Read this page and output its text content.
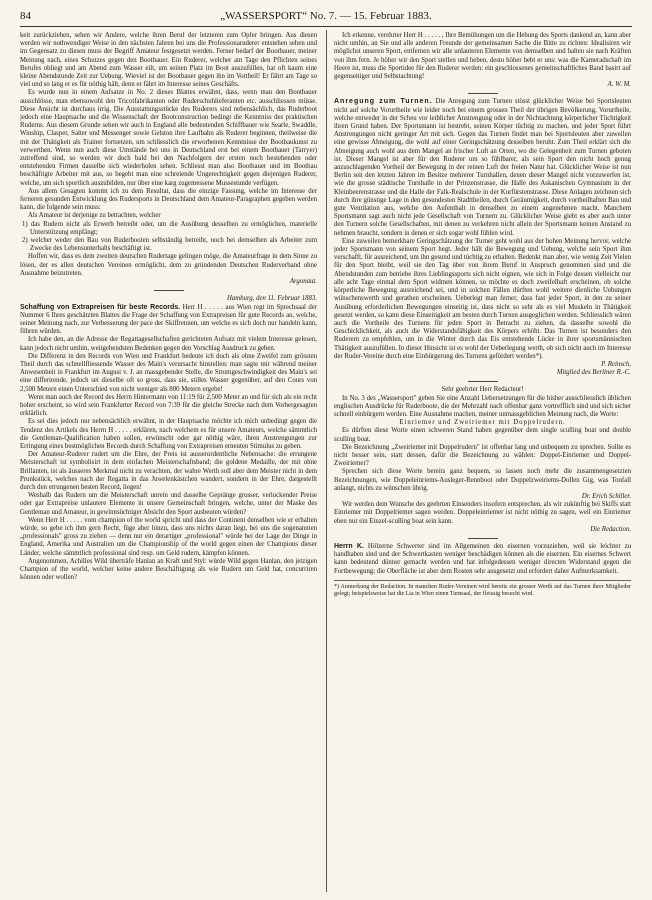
84	„WASSERSPORT“ No. 7. — 15. Februar 1883.

keit zurückziehen, sehen wir Andere, welche ihren Beruf der letzteren zum Opfer bringen. Aus diesen werden wir nothwendiger Weise in den nächsten Jahren bei uns die Professionaruderer entstehen sehen und im Gegensatz zu diesen muss der Begriff Amateur festgesetzt werden. Ferner bedarf der Bootbauer, meiner Meinung nach, eines Schutzes gegen den Bootbauer. Ein Ruderer, welcher am Tage den Pflichten seines Berufes obliegt und am Abend zum Wasser eilt, um seinen Platz im Boot auszufüllen, hat oft kaum eine kleine Abendstunde Zeit zur Uebung. Wieviel ist der Bootbauer gegen ihn im Vortheil! Er fährt am Tage so viel und so lang er es für nöthig hält, denn er fährt im Interesse seines Geschäfts.

Es wurde nun in einem Aufsatze in No. 2 dieses Blattes erwähnt, dass, wenn man den Bootbauer ausschlösse, man ebensowohl den Tricotfabrikanten oder Ruderschuhlieferanten etc. ausschliessen müsse. Diese Ansicht ist durchaus irrig. Die Ausstattungsstücke des Ruderers sind nebensächlich, das Ruderboot jedoch eine Hauptsache und die Wissenschaft der Bootconstruction bedingt die Kenntniss des praktischen Ruderns. Aus diesem Grunde sehen wir auch in England alle bedeutenden Schiffbauer wie Searle, Swaddle, Winship, Clasper, Salter und Messenger sowie Gelston ihre Laufbahn als Ruderer beginnen, theilweise die mit der Thätigkeit als Trainer fortsetzen, um schliesslich die erworbenen Kenntnisse der Bootbaukunst zu verwerthen. Wenn nun auch diese Umstände bei uns in Deutschland erst bei einem Bootbauer (Tarryer) zutreffend sind, so werden wir doch bald bei den Nachfolgern der ersten noch bestehenden oder entstehenden Firmen dasselbe sich wiederholen sehen. Schliesst man also Bootbauer und im Bootbau beschäftigte Arbeiter mit aus, so begeht man eine schreiende Ungerechtigkeit gegen diejenigen Ruderer, welche, um sich sportlich auszubilden, nur über eine karg zugemessene Mussestunde verfügen.

Aus allem Gesagten kommt ich zu dem Resultat, dass die einzige Fassung, welche im Interesse der ferneren gesunden Entwicklung des Rudersports in Deutschland dem Amateur-Paragraphen gegeben werden kann, die folgende sein muss:

Als Amateur ist derjenige zu betrachten, welcher

1) das Rudern nicht als Erwerb betreibt oder, um die Ausübung desselben zu ermöglichen, materielle Unterstützung empfängt;

2) welcher weder den Bau von Ruderbooten selbständig betreibt, noch bei demselben als Arbeiter zum Zwecke des Lebensunterhalts beschäftigt ist.

Hoffen wir, dass es dem zweiten deutschen Rudertage gelingen möge, die Amateurfrage in dem Sinne zu lösen, der es allen deutschen Vereinen ermöglicht, dem zu gründenden Deutschen Ruderverband ohne Ausnahme beizutreten.

Argonaut.

Hamburg, den 11. Februar 1883.

Schaffung von Extrapreisen für beste Records. Herr H . . . . . aus Wien regt im Sprechsaal der Nummer 6 Ihres geschätzten Blattes die Frage der Schaffung von Extrapreisen für gute Records an, welche, seiner Meinung nach, zur Verbesserung der pace der Skiffrennen, um welche es sich doch nur handeln kann, führen würden.

Ich habe den, an die Adresse der Regattagesellschaften gerichteten Aufsatz mit vielem Interesse gelesen, kann jedoch nicht umhin, weitgehendsten Bedenken gegen den Vorschlag Ausdruck zu geben.

Die Differenz in den Records von Wien und Frankfurt bedeute ich doch als ohne Zweifel zum grössten Theil durch das schnellfliessende Wasser des Main's verursacht hinstellen: man sagte mir während meiner Anwesenheit in Frankfurt im August v. J. an massgebender Stelle, die Stromgeschwindigkeit des Main's sei eine differirende, jedoch sei dieselbe oft so gross, dass sie, stilles Wasser gegenüber, auf den Cours von 2,500 Metern einen Unterschied von nicht weniger als 800 Metern ergebe!

Wenn man auch der Record des Herrn Hintermann von 11:19 für 2,500 Meter an und für sich als ein recht hoher erscheint, so wird sein Frankfurter Record von 7:39 für die gleiche Strecke nach dem Vorhergesagten erklärlich.

Es sei dies jedoch nur nebensächlich erwähnt, in der Hauptsache möchte ich mich unbedingt gegen die Tendenz des Artikels des Herrn H . . . . . erklären, nach welchem es für unsere Amateurs, welche sämmtlich die Gentleman-Qualification haben sollen, erwünscht oder gar nöthig wäre, ihren Anstrengungen zur Erringung eines bestmöglichen Records durch Schaffung von Extrapreisen erneuten Stimulus zu geben.

Der Amateur-Ruderer rudert um die Ehre, der Preis ist ausserordentliche Nebensache: die errungene Meisterschaft ist symbolisirt in dem einfachen Meisterschaftsband; die goldene Medaille, der mit ohne Brillanten, ist als äusseres Merkmal nicht zu verachten, der wahre Werth soll aber dem Meister nicht in dem Prunkstück, welches nach der Regatta in das Juwelenkästchen wandert, sondern in der Ehre, dargestellt durch den errungenen besten Record, liegen!

Weshalb das Rudern um die Meisterschaft unrein und dasselbe Gepränge grosser, verlockender Preise oder gar Extrapreise unlautere Elemente in unsere Gemeinschaft bringen, welche, unter der Maske des Gentleman und Amateur, in gewinnsüchtiger Absicht den Sport ausbeuten würden?

Wenn Herr H . . . . . vom champion of the world spricht und dass der Continent denselben wie er erhalten würde, so gebe ich ihm gern Recht, füge aber hinzu, dass uns nichts daran liegt, bei uns die sogenannten „professionals" gross zu ziehen — denn nur ein derartiger „professional" würde bei der Lage der Dinge in England, Amerika und Australien um die Championship of the world gegen einen der Champions dieser Länder, welche sämmtlich professional sind resp. um Geld rudern, kämpfen können.

Angenommen, Achilles Wild überträfe Hanlan an Kraft und Styl: würde Wild gegen Hanlan, den jetzigen Champion of the world, welcher keine andere Beschäftigung als wie Rudern um Geld hat, concurriren können oder wollen?

Ich erkenne, verehrter Herr H . . . . . , Ihre Bemühungen um die Hebung des Sports dankend an, kann aber nicht umhin, an Sie und alle anderen Freunde der gemeinsamen Sache die Bitte zu richten: Idealisiren wir möglichst unseren Sport, entfernen wir alle unlauteren Elemente von demselben und halten sie nach Kräften von ihm fern. Je höher wir den Sport stellen und heben, desto höher hebt er uns: was die Kameradschaft im Heere ist, muss die Sportidee für den Ruderer werden: ein geschlossenes gemeinschaftliches Band basirt auf gegenseitiger und Selbstachtung!

A. W. M.

Anregung zum Turnen. Die Anregung zum Turnen stösst glücklicher Weise bei Sportsleuten nicht auf solche Vorurtheile wie leider noch bei einem grossen Theil der übrigen Bevölkerung, Vorurtheile, welche entweder in der Scheu vor leiblicher Anstrengung oder in der Nichtachtung körperlicher Tüchtigkeit ihren Grund haben. Der Sportsmann ist bestrebt, seinen Körper tüchtig zu machen, und jeder Sport führt Anstrengungen nicht geringer Art mit sich. Gegen das Turnen findet man bei Sportsleuten aber zuweilen eine gewisse Abneigung, die wohl auf einer Geringschätzung desselben beruht. Zum Theil erklärt sich die Abneigung auch wohl aus dem Mangel an frischer Luft an Orten, wo die Gelegenheit zum Turnen geboten ist. Dieser Mangel ist aber für den Ruderer um so fühlbarer, als sein Sport den nicht hoch genug anzuschlagenden Vortheil der Bewegung in der reinen Luft der freien Natur hat. Glücklicher Weise ist nun Berlin seit den letzten Jahren im Besitze mehrerer Turnhallen, denen dieser Mangel nicht vorzuwerfen ist, wie die grosse städtische Turnhalle in der Prinzenstrasse, die Halle des Askanischen Gymnasium in der Kleinbeerenstrasse und die Halle der Falk-Realschule in der Kurfürstenstrasse. Diese Anlagen zeichnen sich durch ihre günstige Lage in den gesundesten Stadttheilen, durch Geräumigkeit, durch vortheilhaften Bau und gute Ventilation aus, welche den Aufenthalt in denselben zu einem angenehmen macht. Manchem Sportsmann sagt auch nicht jede Gesellschaft von Turnern zu. Glücklicher Weise giebt es aber auch unter den Turnern solche Gesellschaften, mit denen zu verkehren nicht allein der Sportsmann keinen Anstand zu nehmen braucht, sondern in denen er sich sogar wohl fühlen wird.

Eine zuweilen bemerkbare Geringschätzung der Turner geht wohl aus der hohen Meinung hervor, welche jeder Sportsmann von seinem Sport hegt. Jeder hält die Bewegung und Uebung, welche sein Sport ihm verschafft, für ausreichend, um ihn gesund und tüchtig zu erhalten. Bedenkt man aber, wie wenig Zeit Vielen für den Sport bleibt, weil sie den Tag über von ihrem Beruf in Anspruch genommen sind und die Abendstunden zum betriebe ihres Lieblingssports sich nicht eignen, wie sich in Folge dessen vielleicht nur alle acht Tage einmal dem Sport widmen können, so möchte es doch zweifelhaft erscheinen, ob solche körperliche Bewegung ausreichend sei, und in solchen Fällen dürften wohl weitere dienliche Uebungen wünschenswerth und gerathen erscheinen. Ueberlegt man ferner, dass fast jeder Sport, in den zu seiner Ausübung erforderlichen Bewegungen einseitig ist, dass nicht so sehr als es viel Muskeln in Thätigkeit gesetzt werden, so kann diese Einseitigkeit am besten durch Turnen ausgeglichen werden. Schliesslich wären auch die Vortheile des Turnens für jeden Sport in Betracht zu ziehen, da dasselbe sowohl die Geschicklichkeit, als auch die Widerstandsfähigkeit des Körpers erhöht. Das Turnen ist besonders den Ruderern zu empfehlen, um in die Winter durch das Eis entstehende Lücke in ihrer sportsmännischen Thätigkeit auszufüllen. In dieser Hinsicht ist es wohl der Ueberlegung werth, ob sich nicht auch im Interesse der Ruder-Vereine durch eine Einbürgerung des Turnens gefördert werden*).

P. Reinsch,

Mitglied des Berliner R.-C.

Sehr geehrter Herr Redacteur!

In No. 3 des „Wassersport" geben Sie eine Anzahl Uebersetzungen für die bisher ausschliesslich üblichen englischen Ausdrücke für Ruderboote, die der Mehrzahl nach offenbar ganz vortrefflich sind und sich sicher schnell einbürgern werden. Eine Ausnahme machen, meiner unmassgeblichen Meinung nach, die Worte:

Einriemer und Zweiriemer mit Doppelrudern.

Es dürften diese Worte einen schweren Stand haben gegenüber dem single sculling boat und double sculling boat.

Die Bezeichnung „Zweiriemer mit Doppelrudern" ist offenbar lang und unbequem zu sprechen. Sollte es nicht besser sein, statt dessen, dafür die Bezeichnung zu wählen: Doppel-Einriemer und Doppel-Zweiriemer?

Sprechen sich diese Worte bereits ganz bequem, so lassen noch mehr die zusammengesetzten Bezeichnungen, wie Doppeleinriems-Ausleger-Rennboot oder Doppelzweiriems-Dollen Gig, was Tonfall anlangt, nichts zu wünschen übrig.

Dr. Erich Schiller.

Wir werden dem Wunsche des geehrten Einsenders insofern entsprechen, als wir zukünftig bei Skiffs statt Einriemer mit Doppelriemer sagen werden. Doppeleinriemer ist nicht nöthig zu sagen, weil ein Einriemer eben nur ein Einzel-sculling boat sein kann.

Die Redaction.

Herrn K. Hölzerne Schwerter sind im Allgemeinen den eisernen vorzuziehen, weil sie leichter zu handhaben sind und der Schwertkasten weniger beschädigen können als die eisernen. Ein eisernes Schwert kann bedeutend dünner gemacht werden und hat infolgedessen weniger directen Widerstand gegen die Fortbewegung; die Oberfläche ist aber dem Rosten sehr ausgesetzt und erfordert daher Aufmerksamkeit.

*) Anmerkung der Redaction. In manchen Ruder-Vereinen wird bereits ein grosser Werth auf das Turnen ihrer Mitglieder gelegt; beispielsweise hat die Lia in Wien einen Turnsaal, der fleissig besucht wird.
